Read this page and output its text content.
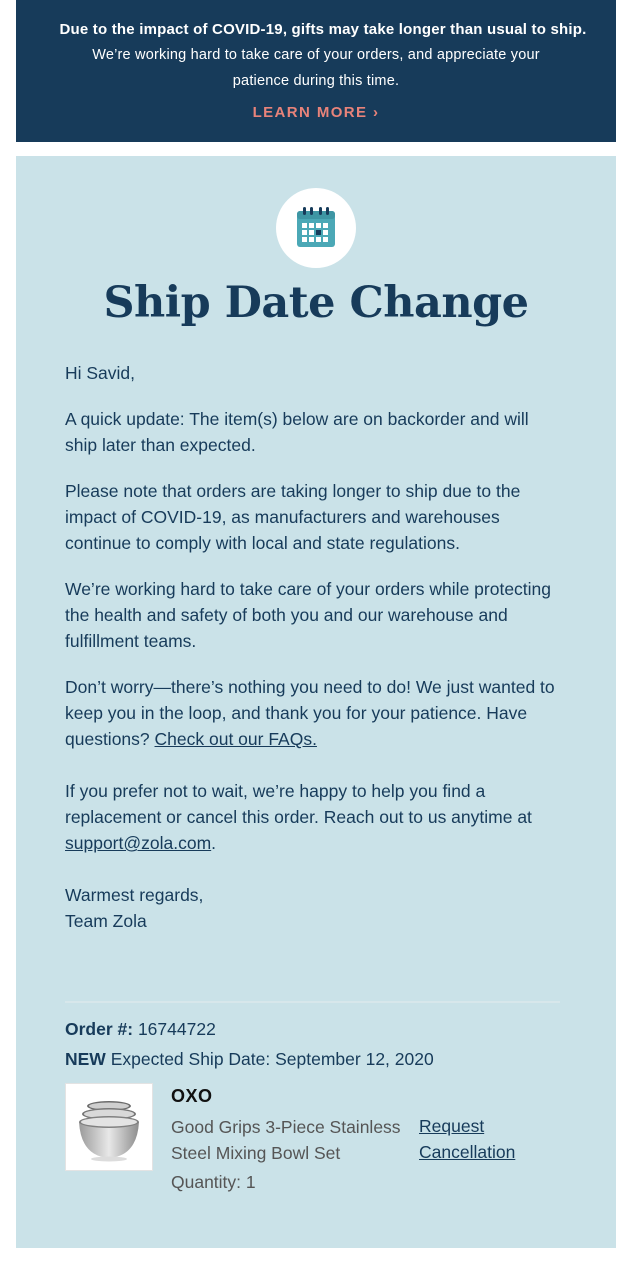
Due to the impact of COVID-19, gifts may take longer than usual to ship.
We’re working hard to take care of your orders, and appreciate your patience during this time.
LEARN MORE ›
Ship Date Change

Hi Savid,

A quick update: The item(s) below are on backorder and will ship later than expected.

Please note that orders are taking longer to ship due to the impact of COVID-19, as manufacturers and warehouses continue to comply with local and state regulations.

We’re working hard to take care of your orders while protecting the health and safety of both you and our warehouse and fulfillment teams.

Don’t worry—there’s nothing you need to do! We just wanted to keep you in the loop, and thank you for your patience. Have questions? Check out our FAQs.

If you prefer not to wait, we’re happy to help you find a replacement or cancel this order. Reach out to us anytime at support@zola.com.

Warmest regards,
Team Zola

Order #: 16744722
NEW Expected Ship Date: September 12, 2020
OXO
Good Grips 3-Piece Stainless Steel Mixing Bowl Set
Quantity: 1
Request Cancellation
